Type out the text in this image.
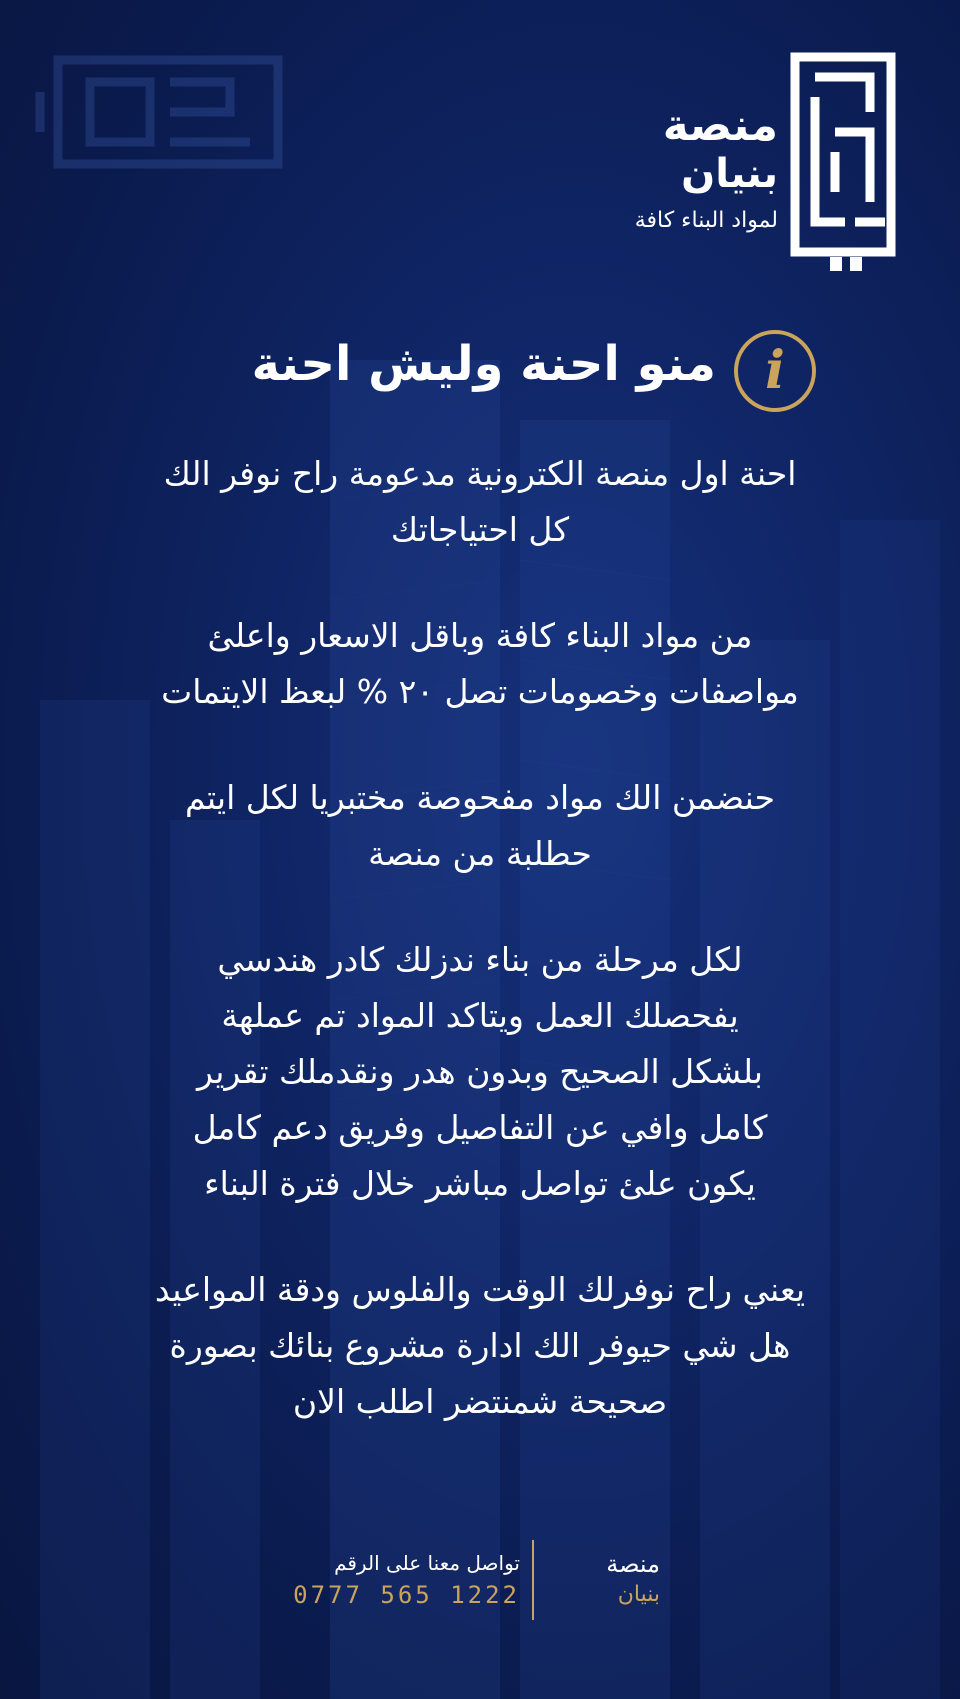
منصة
بنيان
لمواد البناء كافة
i
منو احنة وليش احنة
احنة اول منصة الكترونية مدعومة راح نوفر الك
كل احتياجاتك
من مواد البناء كافة وباقل الاسعار واعلئ
مواصفات وخصومات تصل ٢٠ % لبعظ الايتمات
حنضمن الك مواد مفحوصة مختبريا لكل ايتم
حطلبة من منصة
لكل مرحلة من بناء ندزلك كادر هندسي
يفحصلك العمل ويتاكد المواد تم عملهة
بلشكل الصحيح وبدون هدر ونقدملك تقرير
كامل وافي عن التفاصيل وفريق دعم كامل
يكون علئ تواصل مباشر خلال فترة البناء
يعني راح نوفرلك الوقت والفلوس ودقة المواعيد
هل شي حيوفر الك ادارة مشروع بنائك بصورة
صحيحة شمنتضر اطلب الان
منصة
بنيان
تواصل معنا على الرقم
0777 565 1222
